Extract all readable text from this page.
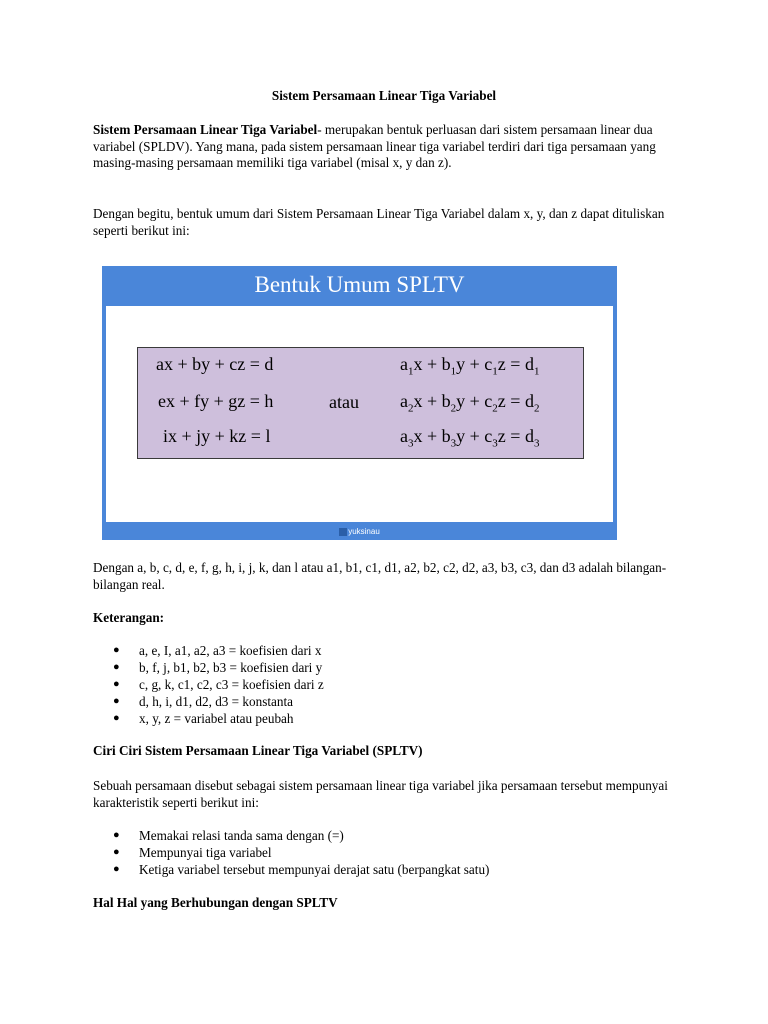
Sistem Persamaan Linear Tiga Variabel

Sistem Persamaan Linear Tiga Variabel- merupakan bentuk perluasan dari sistem persamaan linear dua variabel (SPLDV). Yang mana, pada sistem persamaan linear tiga variabel terdiri dari tiga persamaan yang masing-masing persamaan memiliki tiga variabel (misal x, y dan z).

Dengan begitu, bentuk umum dari Sistem Persamaan Linear Tiga Variabel dalam x, y, dan z dapat dituliskan seperti berikut ini:

Bentuk Umum SPLTV
ax + by + cz = d
ex + fy + gz = h
ix + jy + kz = l
atau
$a_1x + b_1y + c_1z = d_1$
$a_2x + b_2y + c_2z = d_2$
$a_3x + b_3y + c_3z = d_3$
yuksinau

Dengan a, b, c, d, e, f, g, h, i, j, k, dan l atau a1, b1, c1, d1, a2, b2, c2, d2, a3, b3, c3, dan d3 adalah bilangan-bilangan real.

Keterangan:

● a, e, I, a1, a2, a3 = koefisien dari x
● b, f, j, b1, b2, b3 = koefisien dari y
● c, g, k, c1, c2, c3 = koefisien dari z
● d, h, i, d1, d2, d3 = konstanta
● x, y, z = variabel atau peubah

Ciri Ciri Sistem Persamaan Linear Tiga Variabel (SPLTV)

Sebuah persamaan disebut sebagai sistem persamaan linear tiga variabel jika persamaan tersebut mempunyai karakteristik seperti berikut ini:

● Memakai relasi tanda sama dengan (=)
● Mempunyai tiga variabel
● Ketiga variabel tersebut mempunyai derajat satu (berpangkat satu)

Hal Hal yang Berhubungan dengan SPLTV
